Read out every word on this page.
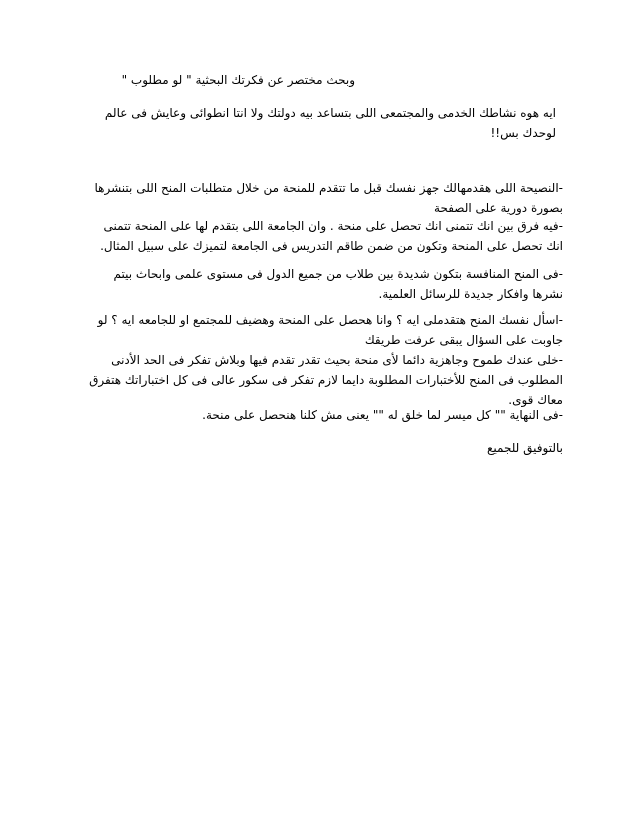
وبحث مختصر عن فكرتك البحثية " لو مطلوب "

ايه هوه نشاطك الخدمى والمجتمعى اللى بتساعد بيه دولتك ولا انتا انطوائى وعايش فى عالم
لوحدك بس!!

-النصيحة اللى هقدمهالك جهز نفسك قبل ما تتقدم للمنحة من خلال متطلبات المنح اللى بتنشرها
بصورة دورية على الصفحة

-فيه فرق بين انك تتمنى انك تحصل على منحة . وان الجامعة اللى بتقدم لها على المنحة تتمنى
انك تحصل على المنحة وتكون من ضمن طاقم التدريس فى الجامعة لتميزك على سبيل المثال.

-فى المنح المنافسة بتكون شديدة بين طلاب من جميع الدول فى مستوى علمى وابحاث بيتم
نشرها وافكار جديدة للرسائل العلمية.

-اسأل نفسك المنح هتقدملى ايه ؟ وانا هحصل على المنحة وهضيف للمجتمع او للجامعه ايه ؟ لو
جاوبت على السؤال يبقى عرفت طريقك

-خلى عندك طموح وجاهزية دائما لأى منحة بحيث تقدر تقدم فيها وبلاش تفكر فى الحد الأدنى
المطلوب فى المنح للأختبارات المطلوبة دايما لازم تفكر فى سكور عالى فى كل اختباراتك هتفرق
معاك قوى.

-فى النهاية "" كل ميسر لما خلق له "" يعنى مش كلنا هنحصل على منحة.

بالتوفيق للجميع
